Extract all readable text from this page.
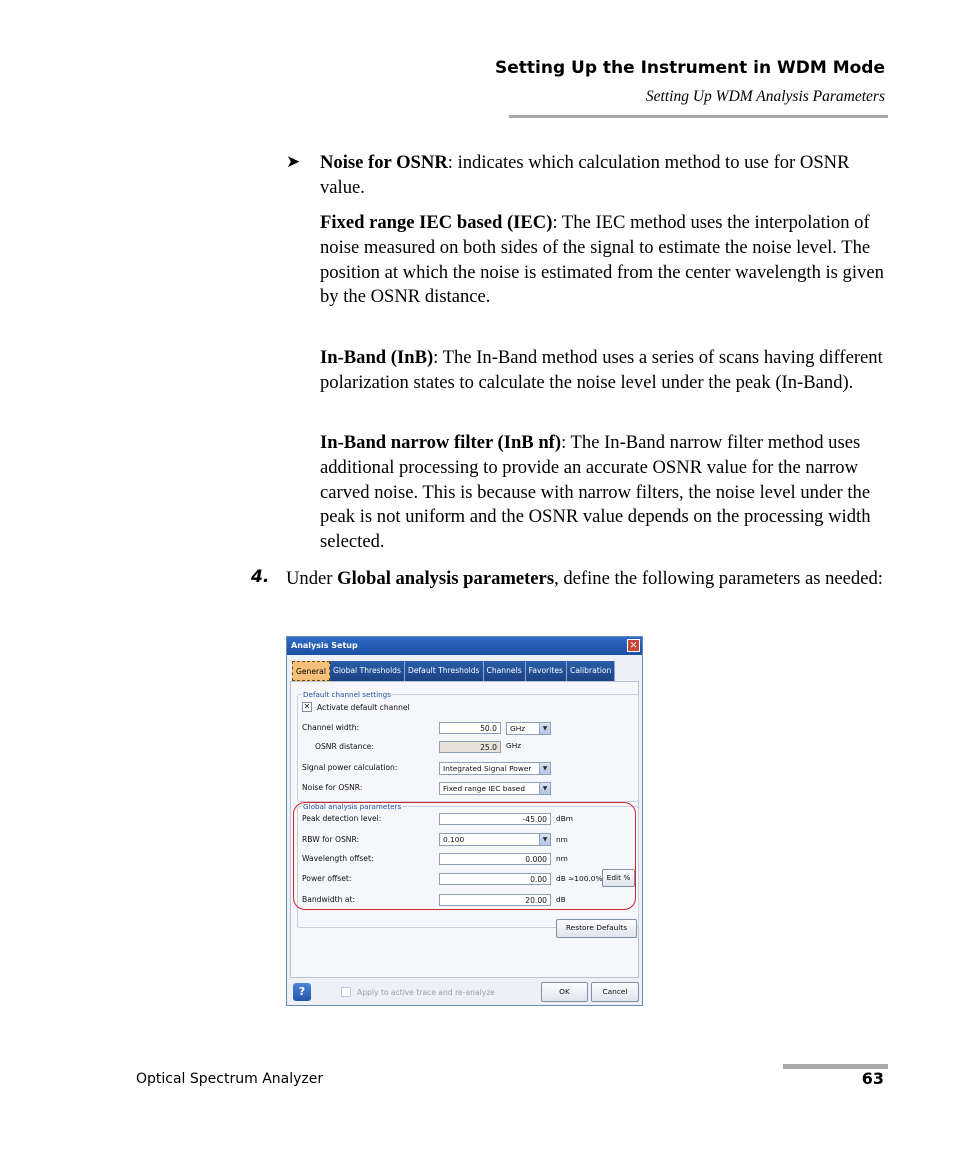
Setting Up the Instrument in WDM Mode
Setting Up WDM Analysis Parameters
➤ Noise for OSNR: indicates which calculation method to use for OSNR value.
Fixed range IEC based (IEC): The IEC method uses the interpolation of noise measured on both sides of the signal to estimate the noise level. The position at which the noise is estimated from the center wavelength is given by the OSNR distance.
In-Band (InB): The In-Band method uses a series of scans having different polarization states to calculate the noise level under the peak (In-Band).
In-Band narrow filter (InB nf): The In-Band narrow filter method uses additional processing to provide an accurate OSNR value for the narrow carved noise. This is because with narrow filters, the noise level under the peak is not uniform and the OSNR value depends on the processing width selected.
4. Under Global analysis parameters, define the following parameters as needed:
Analysis Setup	✕
General Global Thresholds Default Thresholds Channels Favorites Calibration
Default channel settings
✕ Activate default channel
Channel width:	50.0	GHz	▼
OSNR distance:	25.0	GHz
Signal power calculation:	Integrated Signal Power	▼
Noise for OSNR:	Fixed range IEC based	▼
Global analysis parameters
Peak detection level:	-45.00	dBm
RBW for OSNR:	0.100	▼	nm
Wavelength offset:	0.000	nm
Power offset:	0.00	dB ≈100.0% Edit %
Bandwidth at:	20.00	dB
Restore Defaults
?	Apply to active trace and re-analyze	OK	Cancel
Optical Spectrum Analyzer	63
